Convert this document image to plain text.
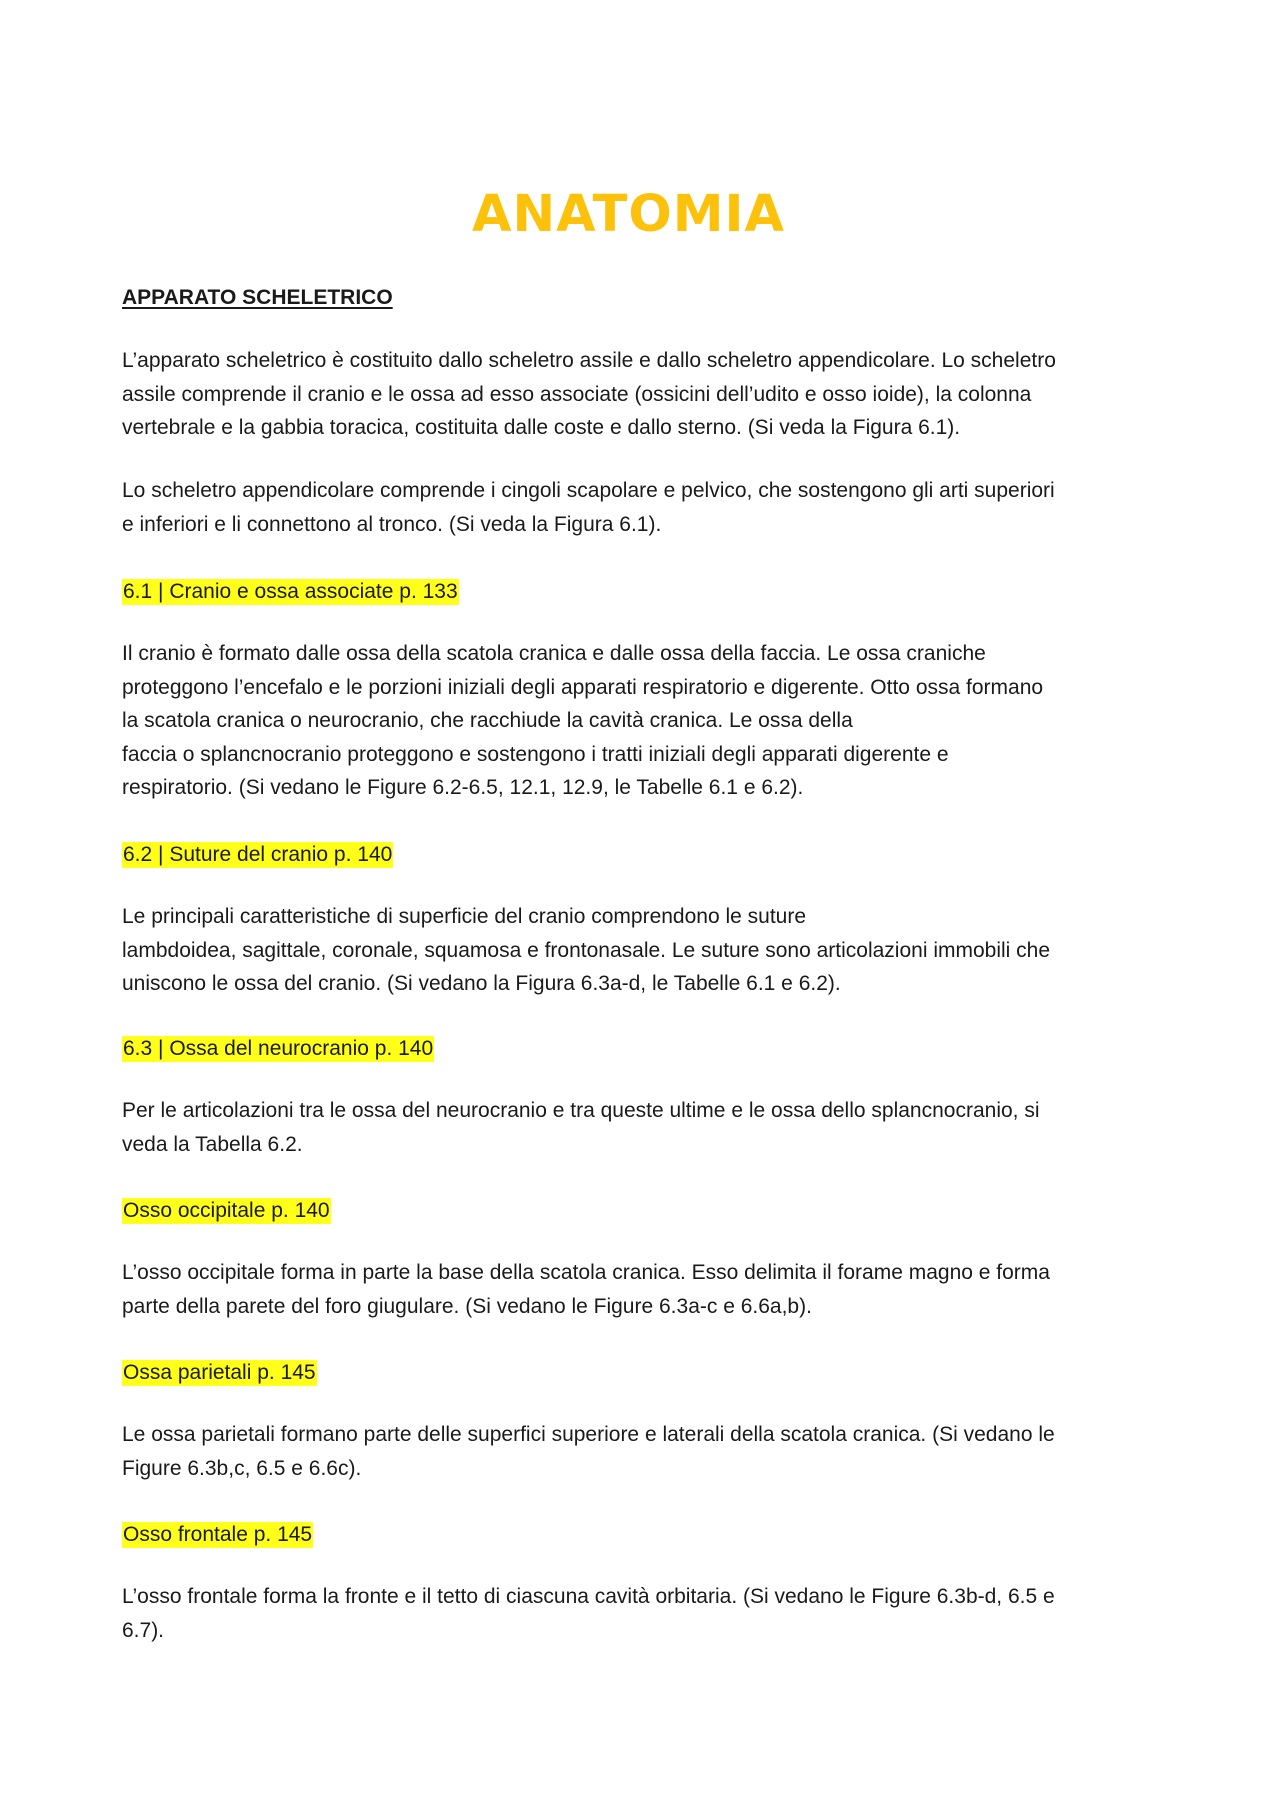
ANATOMIA
APPARATO SCHELETRICO
L’apparato scheletrico è costituito dallo scheletro assile e dallo scheletro appendicolare. Lo scheletro
assile comprende il cranio e le ossa ad esso associate (ossicini dell’udito e osso ioide), la colonna
vertebrale e la gabbia toracica, costituita dalle coste e dallo sterno. (Si veda la Figura 6.1).
Lo scheletro appendicolare comprende i cingoli scapolare e pelvico, che sostengono gli arti superiori
e inferiori e li connettono al tronco. (Si veda la Figura 6.1).
6.1 | Cranio e ossa associate p. 133
Il cranio è formato dalle ossa della scatola cranica e dalle ossa della faccia. Le ossa craniche
proteggono l’encefalo e le porzioni iniziali degli apparati respiratorio e digerente. Otto ossa formano
la scatola cranica o neurocranio, che racchiude la cavità cranica. Le ossa della
faccia o splancnocranio proteggono e sostengono i tratti iniziali degli apparati digerente e
respiratorio. (Si vedano le Figure 6.2-6.5, 12.1, 12.9, le Tabelle 6.1 e 6.2).
6.2 | Suture del cranio p. 140
Le principali caratteristiche di superficie del cranio comprendono le suture
lambdoidea, sagittale, coronale, squamosa e frontonasale. Le suture sono articolazioni immobili che
uniscono le ossa del cranio. (Si vedano la Figura 6.3a-d, le Tabelle 6.1 e 6.2).
6.3 | Ossa del neurocranio p. 140
Per le articolazioni tra le ossa del neurocranio e tra queste ultime e le ossa dello splancnocranio, si
veda la Tabella 6.2.
Osso occipitale p. 140
L’osso occipitale forma in parte la base della scatola cranica. Esso delimita il forame magno e forma
parte della parete del foro giugulare. (Si vedano le Figure 6.3a-c e 6.6a,b).
Ossa parietali p. 145
Le ossa parietali formano parte delle superfici superiore e laterali della scatola cranica. (Si vedano le
Figure 6.3b,c, 6.5 e 6.6c).
Osso frontale p. 145
L’osso frontale forma la fronte e il tetto di ciascuna cavità orbitaria. (Si vedano le Figure 6.3b-d, 6.5 e
6.7).
